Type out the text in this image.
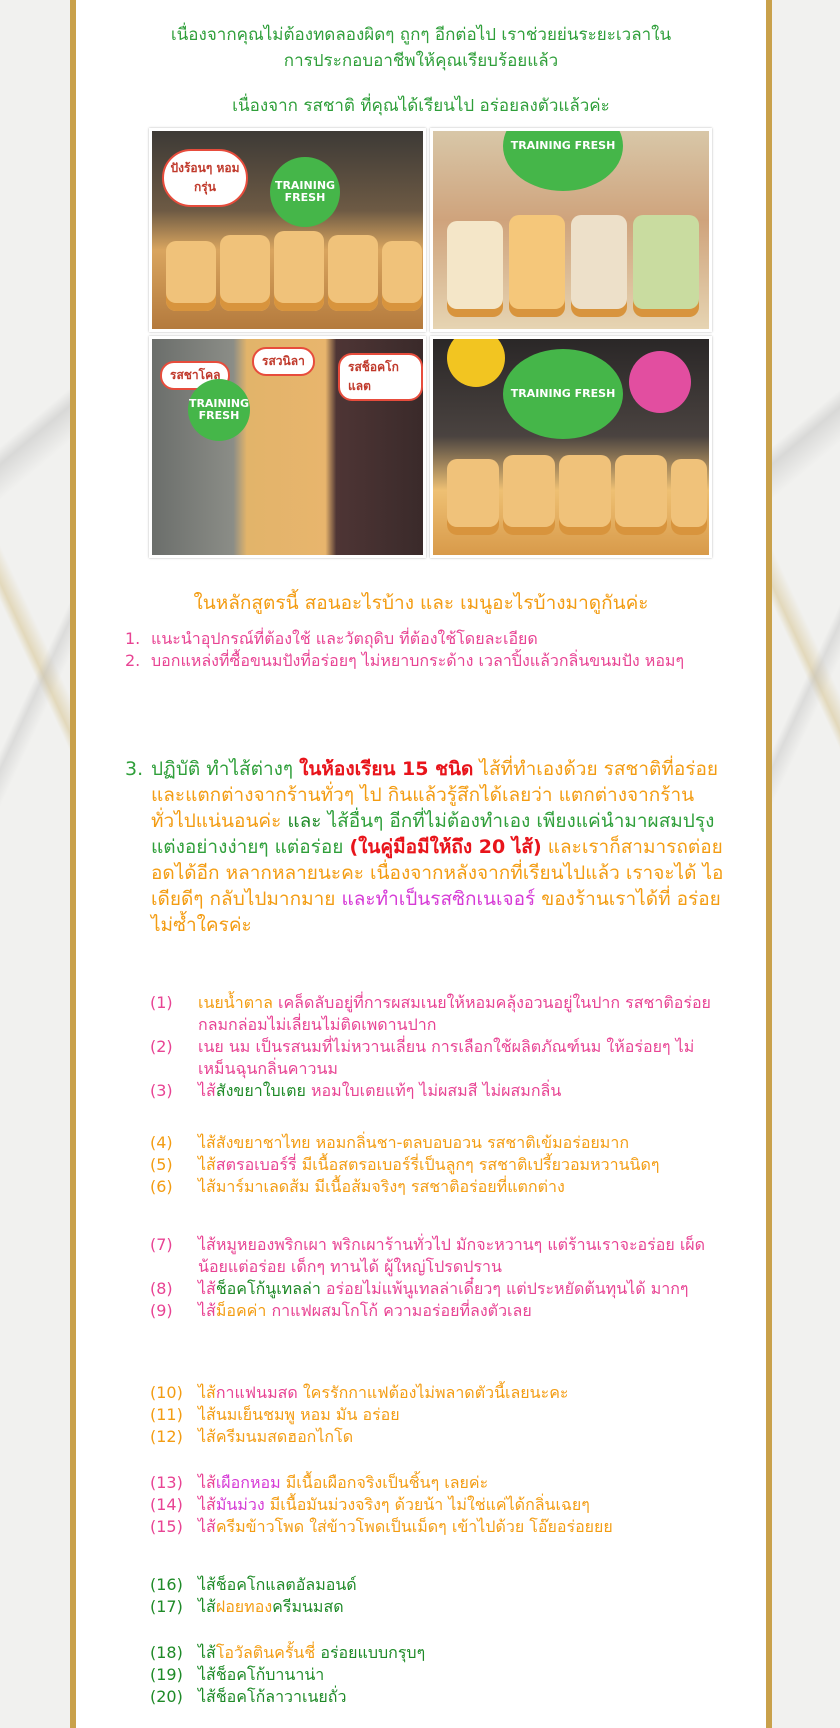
เนื่องจากคุณไม่ต้องทดลองผิดๆ ถูกๆ อีกต่อไป เราช่วยย่นระยะเวลาใน
การประกอบอาชีพให้คุณเรียบร้อยแล้ว
เนื่องจาก รสชาติ ที่คุณได้เรียนไป อร่อยลงตัวแล้วค่ะ
ปังร้อนๆ หอมกรุ่น	TRAINING FRESH
TRAINING FRESH
รสชาโคล
รสวนิลา	รสช็อคโกแลต
TRAINING FRESH
TRAINING FRESH
ในหลักสูตรนี้ สอนอะไรบ้าง และ เมนูอะไรบ้างมาดูกันค่ะ
1. แนะนำอุปกรณ์ที่ต้องใช้ และวัตถุดิบ ที่ต้องใช้โดยละเอียด
2. บอกแหล่งที่ซื้อขนมปังที่อร่อยๆ ไม่หยาบกระด้าง เวลาปิ้งแล้วกลิ่นขนมปัง หอมๆ
3. ปฏิบัติ ทำไส้ต่างๆ ในห้องเรียน 15 ชนิด ไส้ที่ทำเองด้วย รสชาติที่อร่อยและแตกต่างจากร้านทั่วๆ ไป กินแล้วรู้สึกได้เลยว่า แตกต่างจากร้านทั่วไปแน่นอนค่ะ และ ไส้อื่นๆ อีกที่ไม่ต้องทำเอง เพียงแค่นำมาผสมปรุงแต่งอย่างง่ายๆ แต่อร่อย (ในคู่มือมีให้ถึง 20 ไส้) และเราก็สามารถต่อยอดได้อีก หลากหลายนะคะ เนื่องจากหลังจากที่เรียนไปแล้ว เราจะได้ ไอเดียดีๆ กลับไปมากมาย และทำเป็นรสซิกเนเจอร์ ของร้านเราได้ที่ อร่อยไม่ซ้ำใครค่ะ
(1)	เนยน้ำตาล เคล็ดลับอยู่ที่การผสมเนยให้หอมคลุ้งอวนอยู่ในปาก รสชาติอร่อยกลมกล่อมไม่เลี่ยนไม่ติดเพดานปาก
(2)	เนย นม เป็นรสนมที่ไม่หวานเลี่ยน การเลือกใช้ผลิตภัณฑ์นม ให้อร่อยๆ ไม่เหม็นฉุนกลิ่นคาวนม
(3)	ไส้สังขยาใบเตย หอมใบเตยแท้ๆ ไม่ผสมสี ไม่ผสมกลิ่น
(4)	ไส้สังขยาชาไทย หอมกลิ่นชา-ตลบอบอวน รสชาติเข้มอร่อยมาก
(5)	ไส้สตรอเบอร์รี่ มีเนื้อสตรอเบอร์รี่เป็นลูกๆ รสชาติเปรี้ยวอมหวานนิดๆ
(6)	ไส้มาร์มาเลดส้ม มีเนื้อส้มจริงๆ รสชาติอร่อยที่แตกต่าง
(7)	ไส้หมูหยองพริกเผา พริกเผาร้านทั่วไป มักจะหวานๆ แต่ร้านเราจะอร่อย เผ็ดน้อยแต่อร่อย เด็กๆ ทานได้ ผู้ใหญ่โปรดปราน
(8)	ไส้ช็อคโก้นูเทลล่า อร่อยไม่แพ้นูเทลล่าเดี๋ยวๆ แต่ประหยัดต้นทุนได้ มากๆ
(9)	ไส้ม็อคค่า กาแฟผสมโกโก้ ความอร่อยที่ลงตัวเลย
(10) ไส้กาแฟนมสด ใครรักกาแฟต้องไม่พลาดตัวนี้เลยนะคะ
(11) ไส้นมเย็นชมพู หอม มัน อร่อย
(12) ไส้ครีมนมสดฮอกไกโด
(13) ไส้เผือกหอม มีเนื้อเผือกจริงเป็นชิ้นๆ เลยค่ะ
(14) ไส้มันม่วง มีเนื้อมันม่วงจริงๆ ด้วยน้า ไม่ใช่แค่ได้กลิ่นเฉยๆ
(15) ไส้ครีมข้าวโพด ใส่ข้าวโพดเป็นเม็ดๆ เข้าไปด้วย โอ๊ยอร่อยยย
(16) ไส้ช็อคโกแลตอัลมอนด์
(17) ไส้ฝอยทองครีมนมสด
(18) ไส้โอวัลตินครั้นชี่ อร่อยแบบกรุบๆ
(19) ไส้ช็อคโก้บานาน่า
(20) ไส้ช็อคโก้ลาวาเนยถั่ว
